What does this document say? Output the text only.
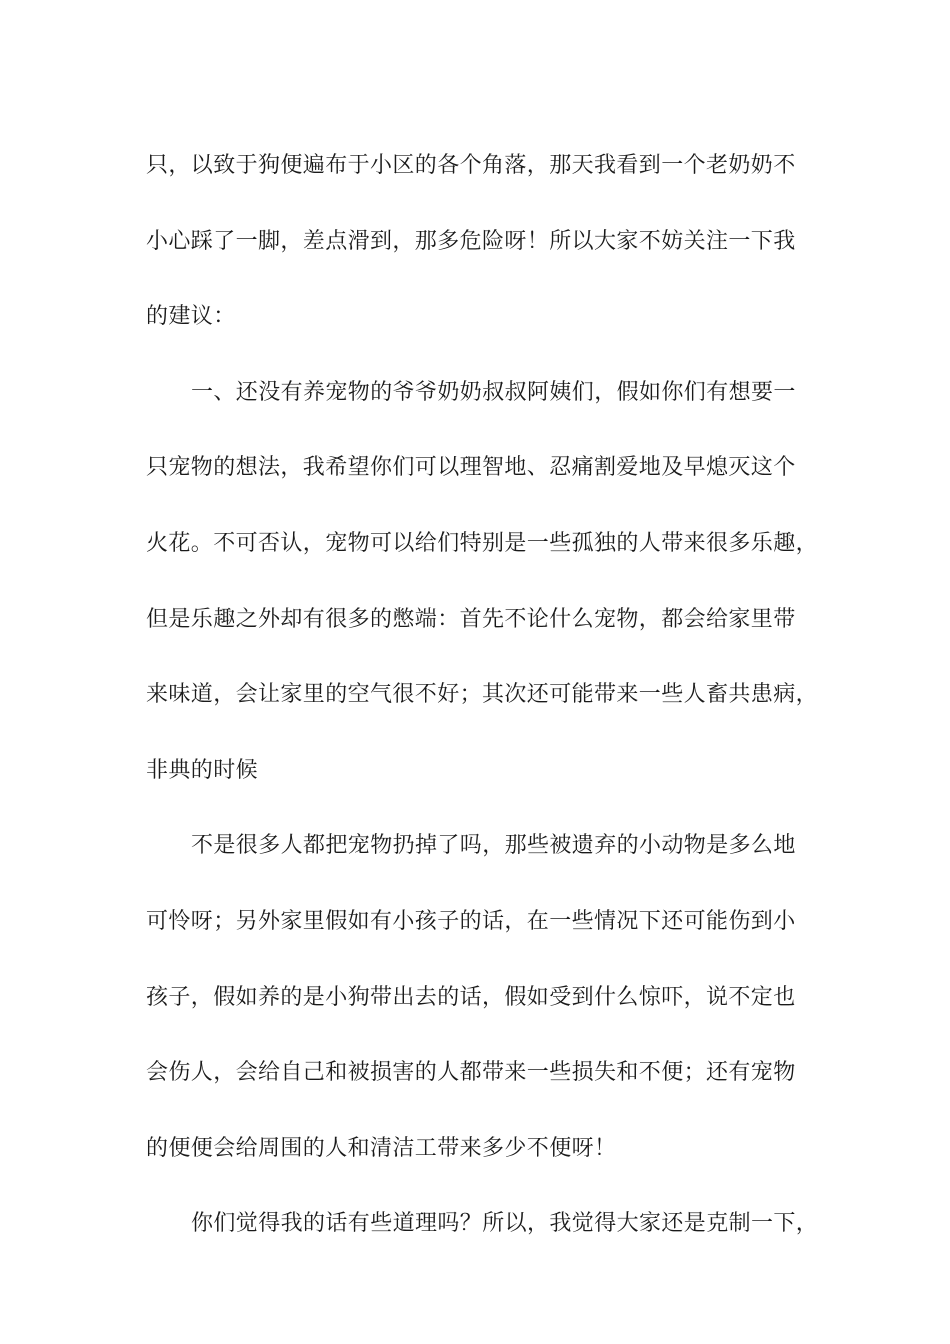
只，以致于狗便遍布于小区的各个角落，那天我看到一个老奶奶不
小心踩了一脚，差点滑到，那多危险呀！所以大家不妨关注一下我
的建议：
一、还没有养宠物的爷爷奶奶叔叔阿姨们，假如你们有想要一
只宠物的想法，我希望你们可以理智地、忍痛割爱地及早熄灭这个
火花。不可否认，宠物可以给们特别是一些孤独的人带来很多乐趣，
但是乐趣之外却有很多的憋端：首先不论什么宠物，都会给家里带
来味道，会让家里的空气很不好；其次还可能带来一些人畜共患病，
非典的时候
不是很多人都把宠物扔掉了吗，那些被遗弃的小动物是多么地
可怜呀；另外家里假如有小孩子的话，在一些情况下还可能伤到小
孩子，假如养的是小狗带出去的话，假如受到什么惊吓，说不定也
会伤人，会给自己和被损害的人都带来一些损失和不便；还有宠物
的便便会给周围的人和清洁工带来多少不便呀！
你们觉得我的话有些道理吗？所以，我觉得大家还是克制一下，
